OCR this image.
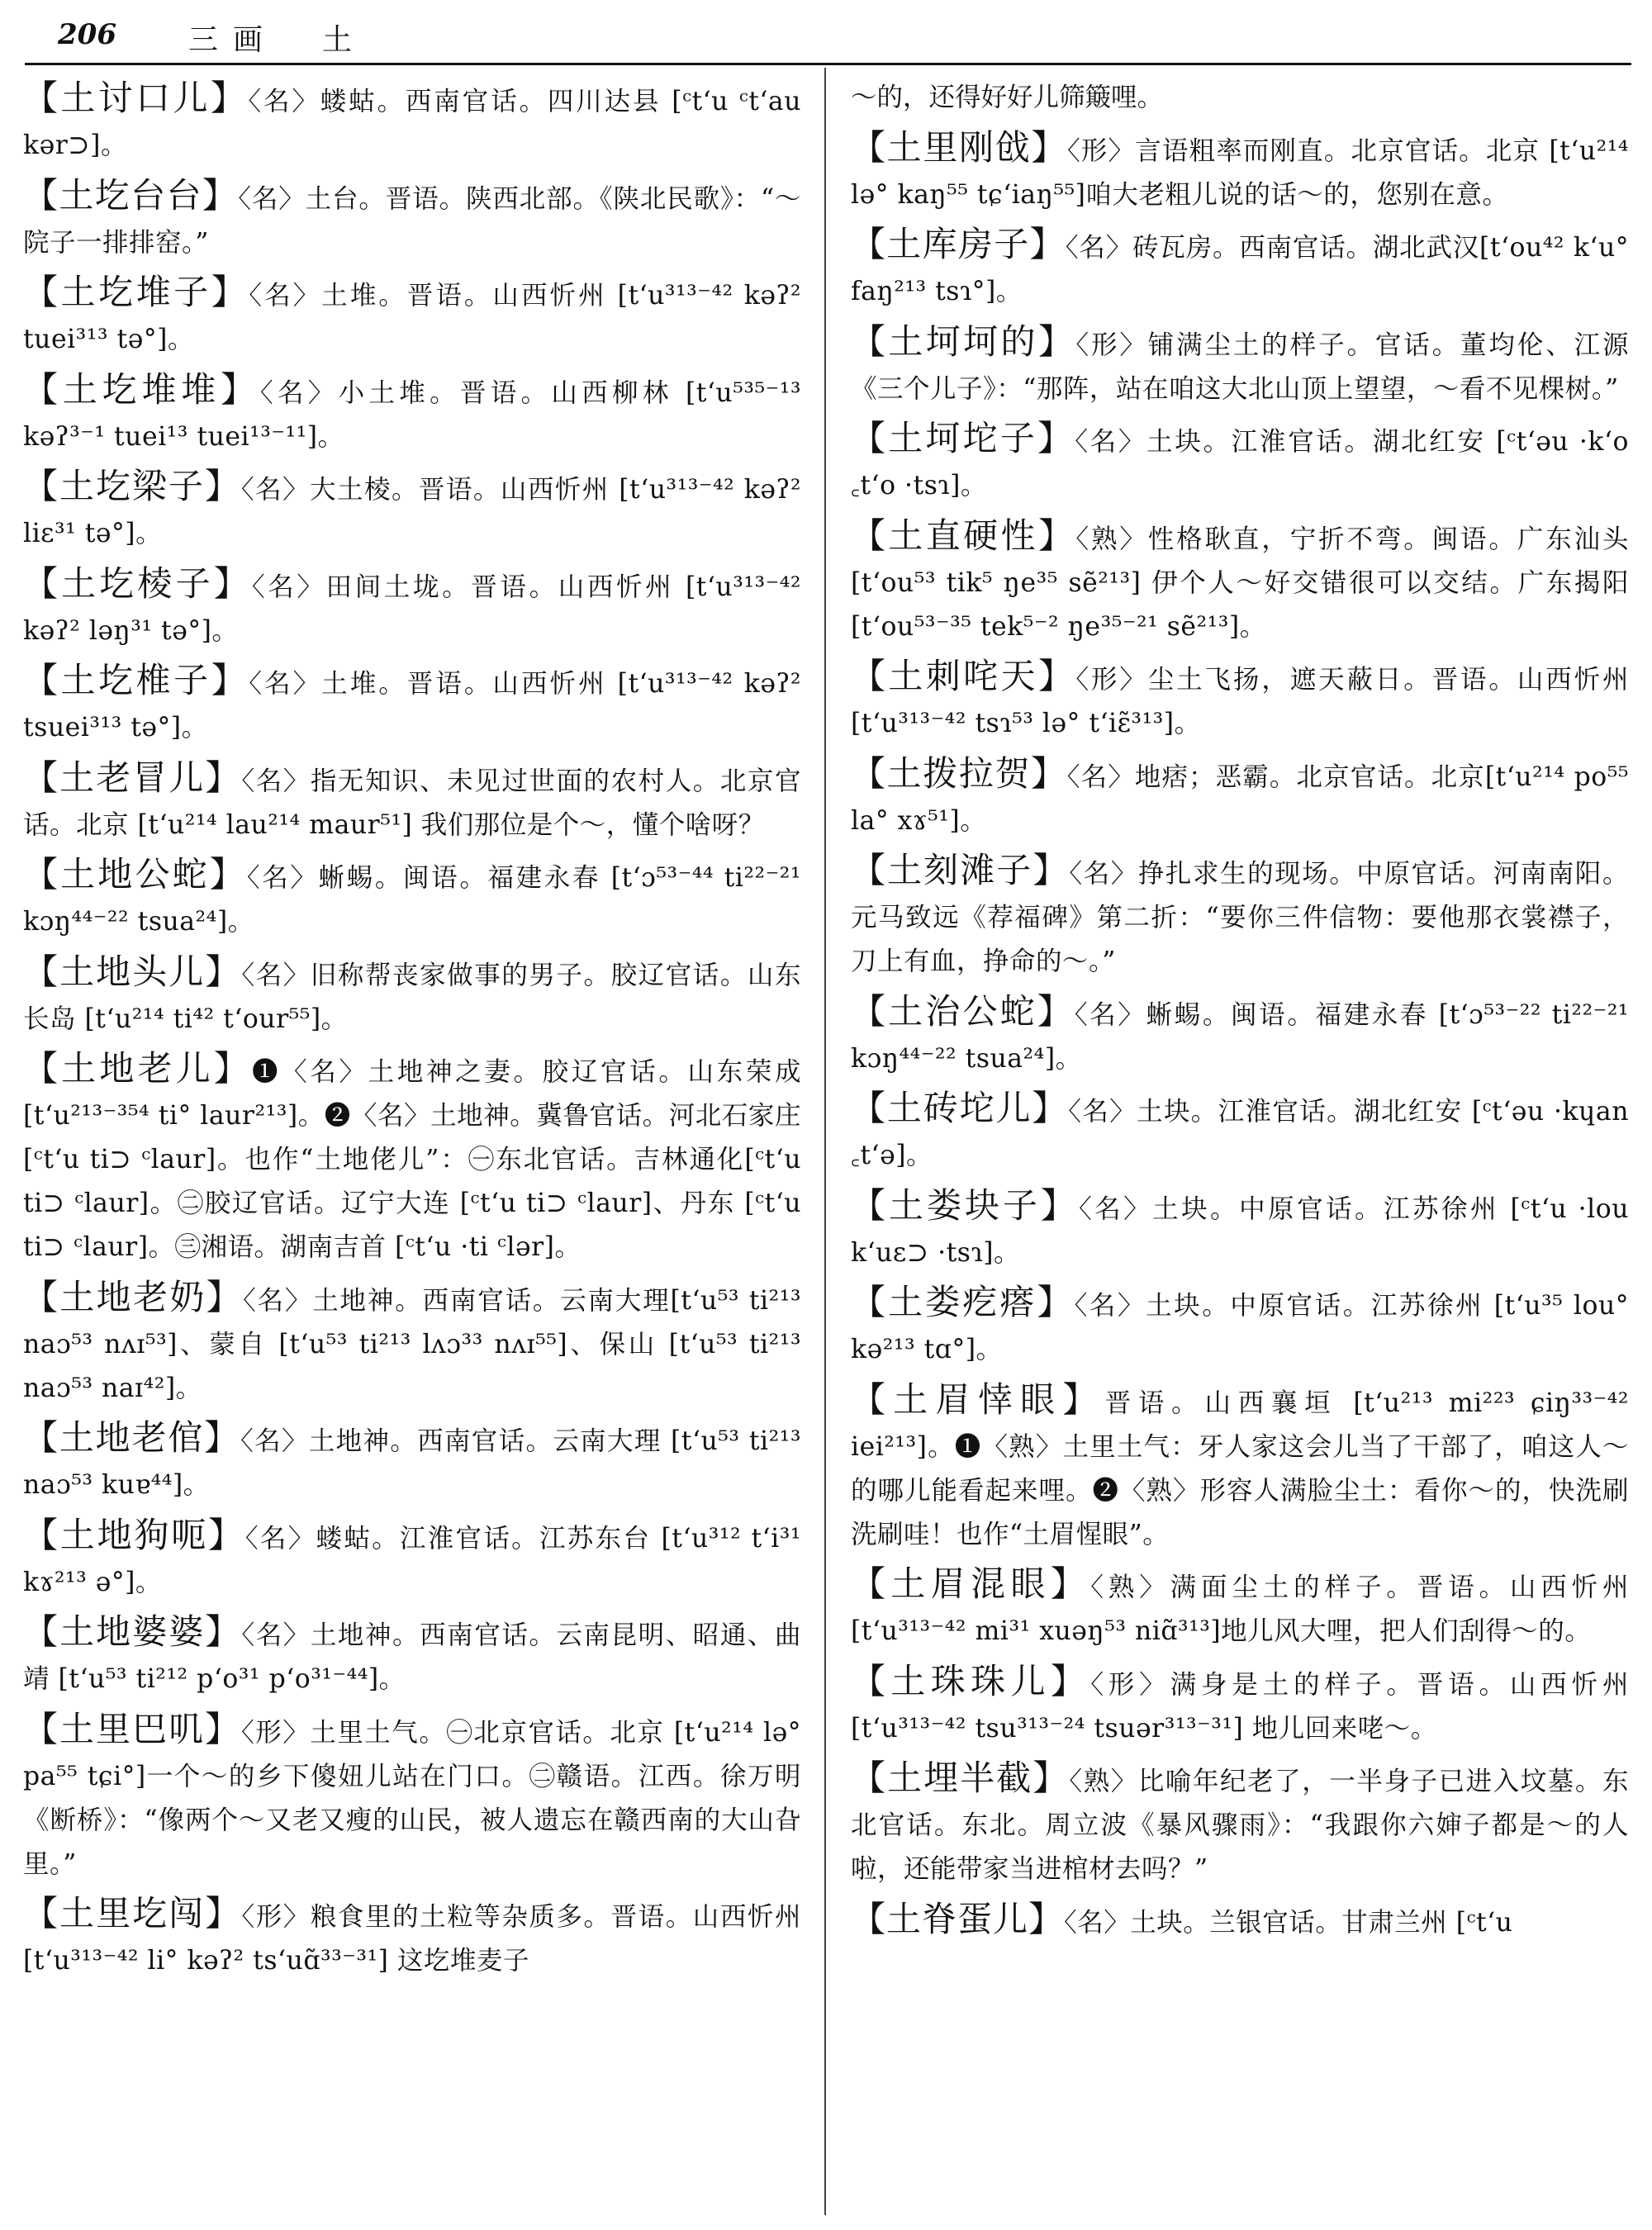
206 三画　土

【土讨口儿】〈名〉蝼蛄。西南官话。四川达县 [ᶜtʻu ᶜtʻau kər⊃]。

【土圪台台】〈名〉土台。晋语。陕西北部。《陕北民歌》：“～院子一排排窑。”

【土圪堆子】〈名〉土堆。晋语。山西忻州 [tʻu³¹³⁻⁴² kəʔ² tuei³¹³ tə°]。

【土圪堆堆】〈名〉小土堆。晋语。山西柳林 [tʻu⁵³⁵⁻¹³ kəʔ³⁻¹ tuei¹³ tuei¹³⁻¹¹]。

【土圪梁子】〈名〉大土棱。晋语。山西忻州 [tʻu³¹³⁻⁴² kəʔ² liɛ³¹ tə°]。

【土圪棱子】〈名〉田间土垅。晋语。山西忻州 [tʻu³¹³⁻⁴² kəʔ² ləŋ³¹ tə°]。

【土圪椎子】〈名〉土堆。晋语。山西忻州 [tʻu³¹³⁻⁴² kəʔ² tsuei³¹³ tə°]。

【土老冒儿】〈名〉指无知识、未见过世面的农村人。北京官话。北京 [tʻu²¹⁴ lau²¹⁴ maur⁵¹] 我们那位是个～，懂个啥呀？

【土地公蛇】〈名〉蜥蜴。闽语。福建永春 [tʻɔ⁵³⁻⁴⁴ ti²²⁻²¹ kɔŋ⁴⁴⁻²² tsua²⁴]。

【土地头儿】〈名〉旧称帮丧家做事的男子。胶辽官话。山东长岛 [tʻu²¹⁴ ti⁴² tʻour⁵⁵]。

【土地老儿】❶〈名〉土地神之妻。胶辽官话。山东荣成 [tʻu²¹³⁻³⁵⁴ ti° laur²¹³]。❷〈名〉土地神。冀鲁官话。河北石家庄 [ᶜtʻu ti⊃ ᶜlaur]。也作“土地佬儿”：㊀东北官话。吉林通化[ᶜtʻu ti⊃ ᶜlaur]。㊁胶辽官话。辽宁大连 [ᶜtʻu ti⊃ ᶜlaur]、丹东 [ᶜtʻu ti⊃ ᶜlaur]。㊂湘语。湖南吉首 [ᶜtʻu ·ti ᶜlər]。

【土地老奶】〈名〉土地神。西南官话。云南大理[tʻu⁵³ ti²¹³ naɔ⁵³ nʌɪ⁵³]、蒙自 [tʻu⁵³ ti²¹³ lʌɔ³³ nʌɪ⁵⁵]、保山 [tʻu⁵³ ti²¹³ naɔ⁵³ naɪ⁴²]。

【土地老倌】〈名〉土地神。西南官话。云南大理 [tʻu⁵³ ti²¹³ naɔ⁵³ kuɐ⁴⁴]。

【土地狗呃】〈名〉蝼蛄。江淮官话。江苏东台 [tʻu³¹² tʻi³¹ kɤ²¹³ ə°]。

【土地婆婆】〈名〉土地神。西南官话。云南昆明、昭通、曲靖 [tʻu⁵³ ti²¹² pʻo³¹ pʻo³¹⁻⁴⁴]。

【土里巴叽】〈形〉土里土气。㊀北京官话。北京 [tʻu²¹⁴ lə° pa⁵⁵ tɕi°]一个～的乡下傻妞儿站在门口。㊁赣语。江西。徐万明《断桥》：“像两个～又老又瘦的山民，被人遗忘在赣西南的大山旮里。”

【土里圪闯】〈形〉粮食里的土粒等杂质多。晋语。山西忻州 [tʻu³¹³⁻⁴² li° kəʔ² tsʻuɑ̃³³⁻³¹] 这圪堆麦子

～的，还得好好儿筛簸哩。

【土里刚戗】〈形〉言语粗率而刚直。北京官话。北京 [tʻu²¹⁴ lə° kaŋ⁵⁵ tɕʻiaŋ⁵⁵]咱大老粗儿说的话～的，您别在意。

【土库房子】〈名〉砖瓦房。西南官话。湖北武汉[tʻou⁴² kʻu° faŋ²¹³ tsɿ°]。

【土坷坷的】〈形〉铺满尘土的样子。官话。董均伦、江源《三个儿子》：“那阵，站在咱这大北山顶上望望，～看不见棵树。”

【土坷坨子】〈名〉土块。江淮官话。湖北红安 [ᶜtʻəu ·kʻo ꜀tʻo ·tsɿ]。

【土直硬性】〈熟〉性格耿直，宁折不弯。闽语。广东汕头 [tʻou⁵³ tik⁵ ŋe³⁵ sẽ²¹³] 伊个人～好交错很可以交结。广东揭阳 [tʻou⁵³⁻³⁵ tek⁵⁻² ŋe³⁵⁻²¹ sẽ²¹³]。

【土刺咤天】〈形〉尘土飞扬，遮天蔽日。晋语。山西忻州 [tʻu³¹³⁻⁴² tsɿ⁵³ lə° tʻiɛ̃³¹³]。

【土拨拉贺】〈名〉地痞；恶霸。北京官话。北京[tʻu²¹⁴ po⁵⁵ la° xɤ⁵¹]。

【土刻滩子】〈名〉挣扎求生的现场。中原官话。河南南阳。元马致远《荐福碑》第二折：“要你三件信物：要他那衣裳襟子，刀上有血，挣命的～。”

【土治公蛇】〈名〉蜥蜴。闽语。福建永春 [tʻɔ⁵³⁻²² ti²²⁻²¹ kɔŋ⁴⁴⁻²² tsua²⁴]。

【土砖坨儿】〈名〉土块。江淮官话。湖北红安 [ᶜtʻəu ·kɥan ꜀tʻə]。

【土娄块子】〈名〉土块。中原官话。江苏徐州 [ᶜtʻu ·lou kʻuɛ⊃ ·tsɿ]。

【土娄疙瘩】〈名〉土块。中原官话。江苏徐州 [tʻu³⁵ lou° kə²¹³ tɑ°]。

【土眉悻眼】晋语。山西襄垣 [tʻu²¹³ mi²²³ ɕiŋ³³⁻⁴² iei²¹³]。❶〈熟〉土里土气：牙人家这会儿当了干部了，咱这人～的哪儿能看起来哩。❷〈熟〉形容人满脸尘土：看你～的，快洗刷洗刷哇！也作“土眉惺眼”。

【土眉混眼】〈熟〉满面尘土的样子。晋语。山西忻州 [tʻu³¹³⁻⁴² mi³¹ xuəŋ⁵³ niɑ̃³¹³]地儿风大哩，把人们刮得～的。

【土珠珠儿】〈形〉满身是土的样子。晋语。山西忻州 [tʻu³¹³⁻⁴² tsu³¹³⁻²⁴ tsuər³¹³⁻³¹] 地儿回来咾～。

【土埋半截】〈熟〉比喻年纪老了，一半身子已进入坟墓。东北官话。东北。周立波《暴风骤雨》：“我跟你六婶子都是～的人啦，还能带家当进棺材去吗？”

【土脊蛋儿】〈名〉土块。兰银官话。甘肃兰州 [ᶜtʻu
